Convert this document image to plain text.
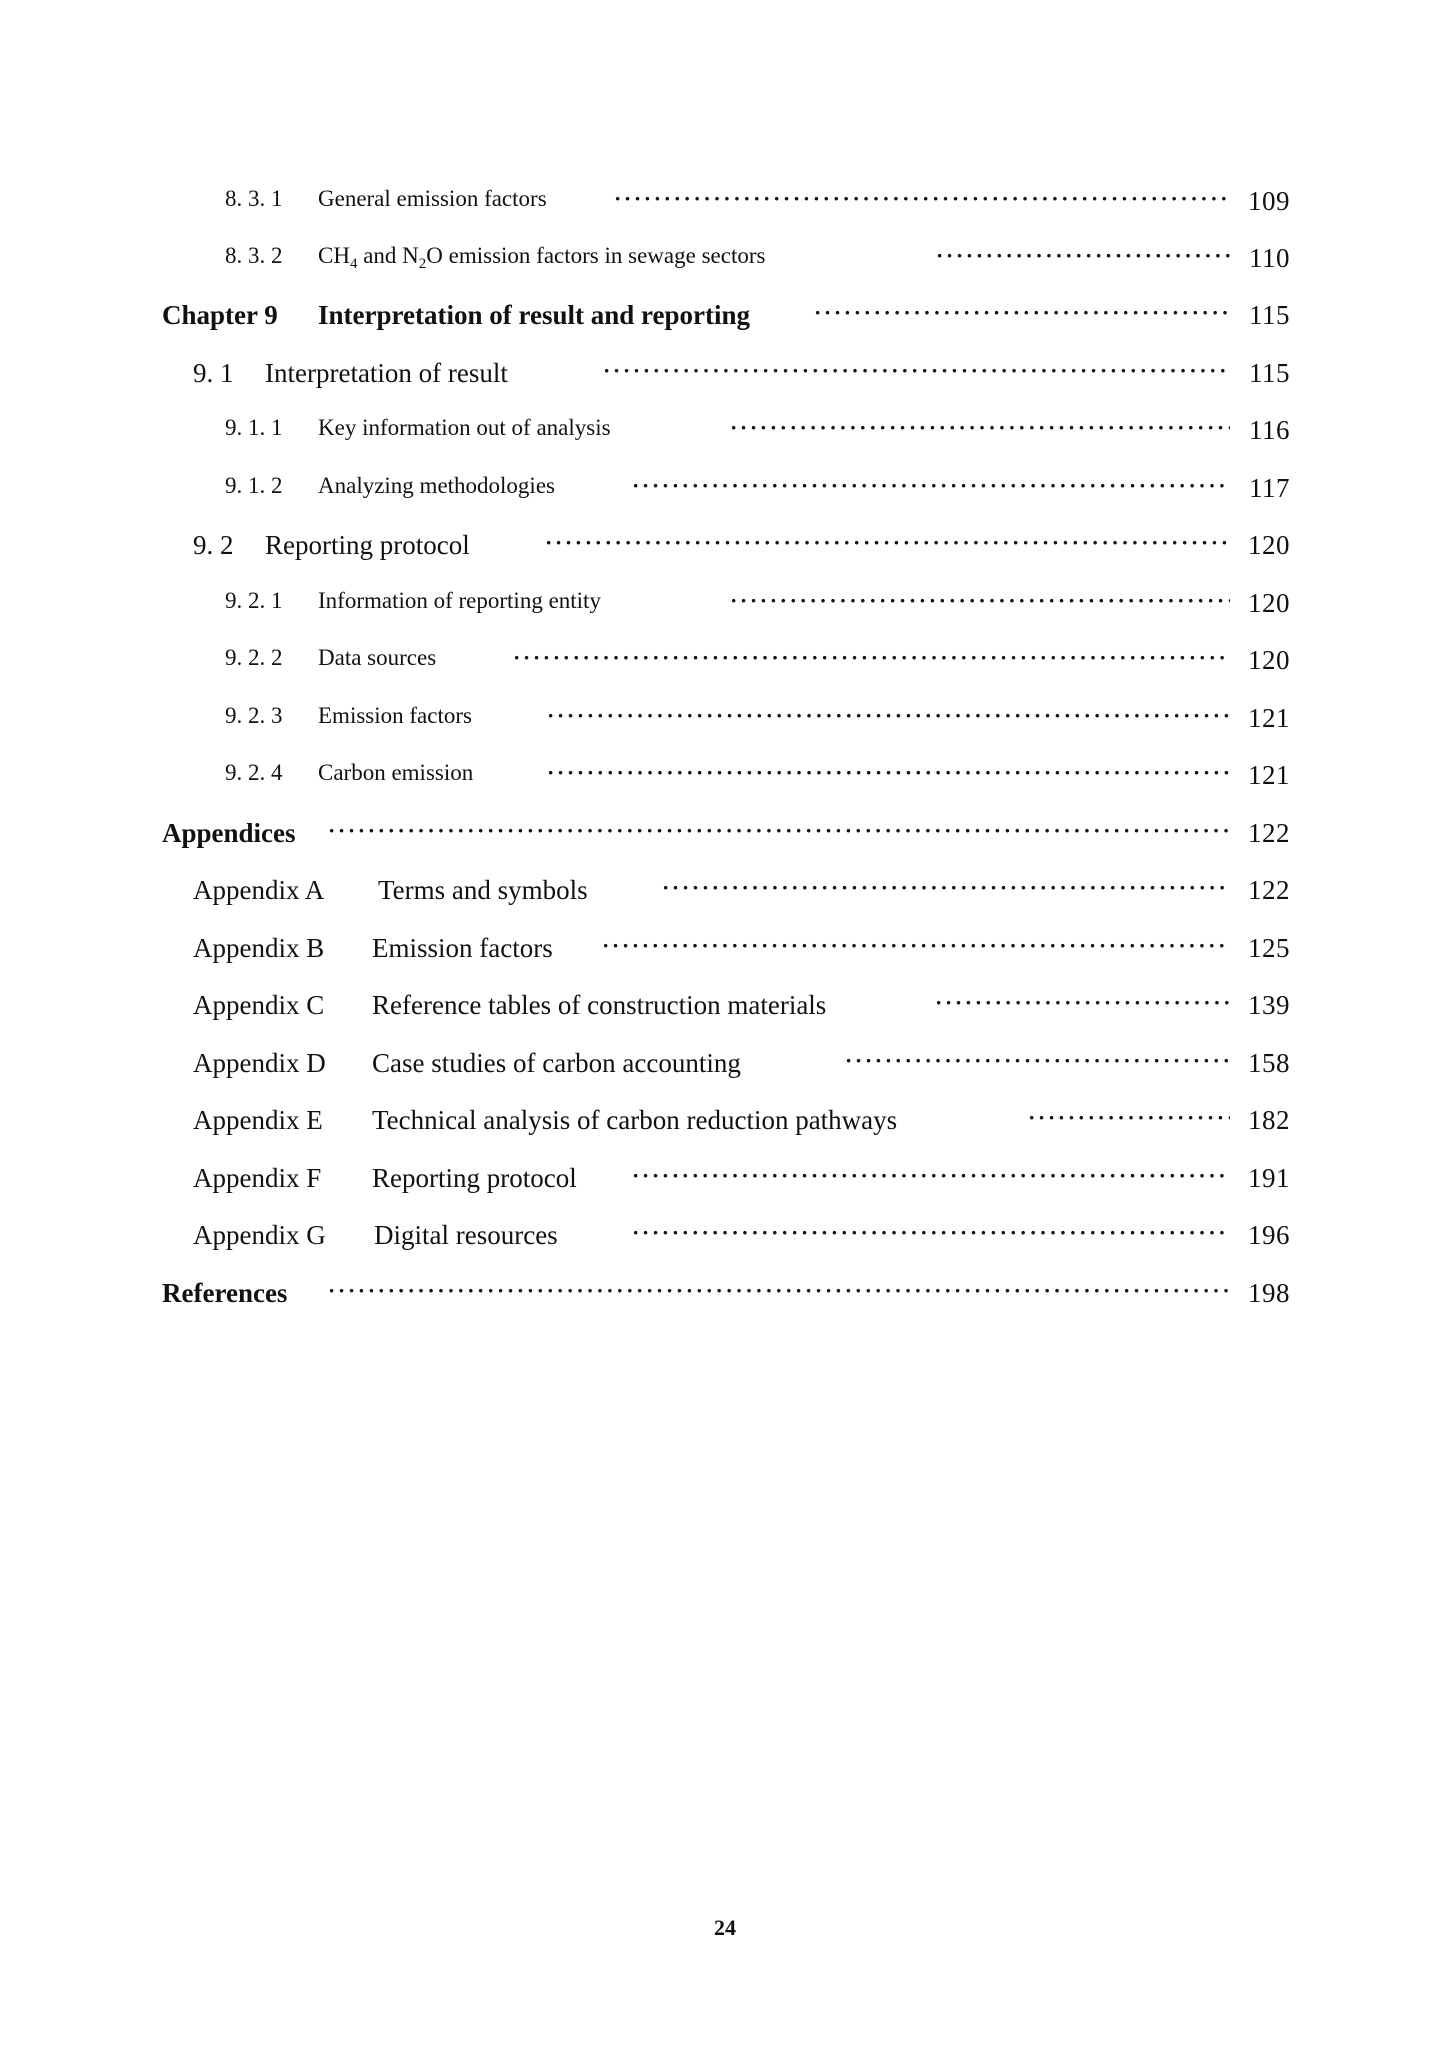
8. 3. 1 General emission factors ·····	109
8. 3. 2 $CH_4$ and $N_2O$ emission factors in sewage sectors ·····	110
Chapter 9 Interpretation of result and reporting ·····	115
9. 1 Interpretation of result ·····	115
9. 1. 1 Key information out of analysis ·····	116
9. 1. 2 Analyzing methodologies ·····	117
9. 2 Reporting protocol ·····	120
9. 2. 1 Information of reporting entity ·····	120
9. 2. 2 Data sources ·····	120
9. 2. 3 Emission factors ·····	121
9. 2. 4 Carbon emission ·····	121
Appendices ·····	122
Appendix A Terms and symbols ·····	122
Appendix B Emission factors ·····	125
Appendix C Reference tables of construction materials ·····	139
Appendix D Case studies of carbon accounting ·····	158
Appendix E Technical analysis of carbon reduction pathways ·····	182
Appendix F Reporting protocol ·····	191
Appendix G Digital resources ·····	196
References ·····	198
24
